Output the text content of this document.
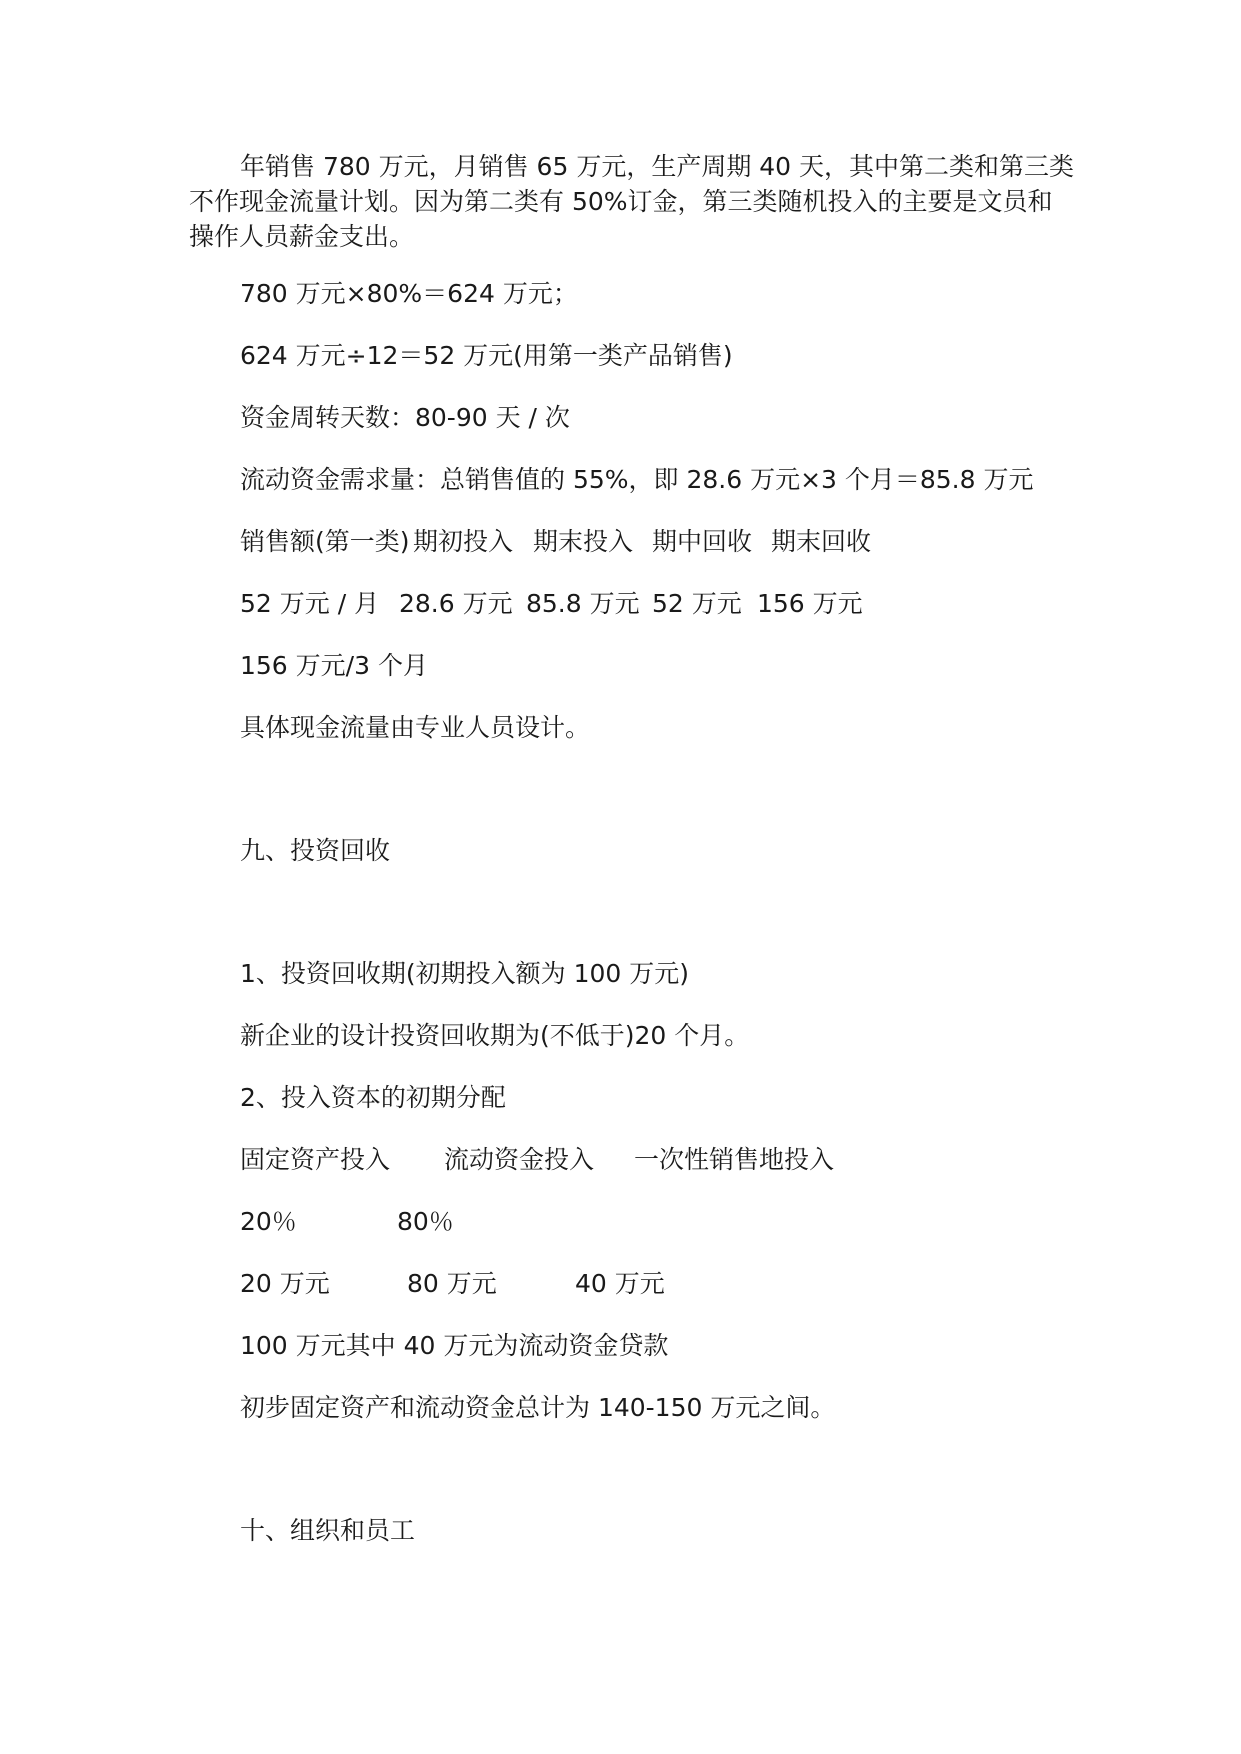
年销售 780 万元，月销售 65 万元，生产周期 40 天，其中第二类和第三类
不作现金流量计划。因为第二类有 50%订金，第三类随机投入的主要是文员和
操作人员薪金支出。
780 万元×80%＝624 万元；
624 万元÷12＝52 万元(用第一类产品销售)
资金周转天数：80-90 天 / 次
流动资金需求量：总销售值的 55%，即 28.6 万元×3 个月＝85.8 万元
销售额(第一类) 期初投入 期末投入 期中回收 期末回收
52 万元 / 月 28.6 万元 85.8 万元 52 万元 156 万元
156 万元/3 个月
具体现金流量由专业人员设计。
九、投资回收
1、投资回收期(初期投入额为 100 万元)
新企业的设计投资回收期为(不低于)20 个月。
2、投入资本的初期分配
固定资产投入 流动资金投入 一次性销售地投入
20％	80％
20 万元	80 万元	40 万元
100 万元其中 40 万元为流动资金贷款
初步固定资产和流动资金总计为 140-150 万元之间。
十、组织和员工
